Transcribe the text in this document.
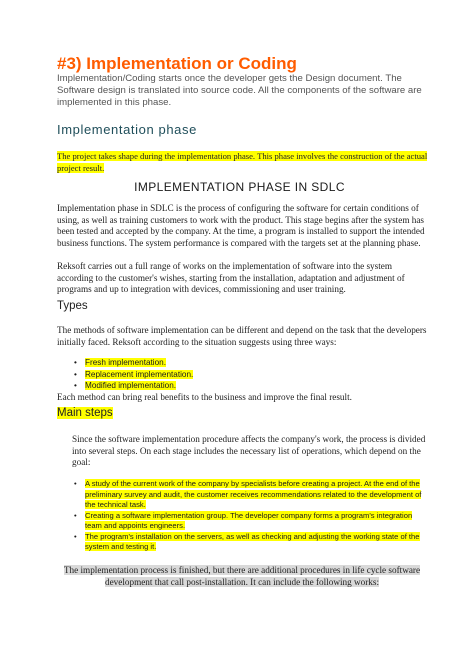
#3) Implementation or Coding
Implementation/Coding starts once the developer gets the Design document. The Software design is translated into source code. All the components of the software are implemented in this phase.
Implementation phase
The project takes shape during the implementation phase. This phase involves the construction of the actual project result.
IMPLEMENTATION PHASE IN SDLC
Implementation phase in SDLC is the process of configuring the software for certain conditions of using, as well as training customers to work with the product. This stage begins after the system has been tested and accepted by the company. At the time, a program is installed to support the intended business functions. The system performance is compared with the targets set at the planning phase.
Reksoft carries out a full range of works on the implementation of software into the system according to the customer's wishes, starting from the installation, adaptation and adjustment of programs and up to integration with devices, commissioning and user training.
Types
The methods of software implementation can be different and depend on the task that the developers initially faced. Reksoft according to the situation suggests using three ways:
• Fresh implementation.
• Replacement implementation.
• Modified implementation.
Each method can bring real benefits to the business and improve the final result.
Main steps
Since the software implementation procedure affects the company's work, the process is divided into several steps. On each stage includes the necessary list of operations, which depend on the goal:
• A study of the current work of the company by specialists before creating a project. At the end of the preliminary survey and audit, the customer receives recommendations related to the development of the technical task.
• Creating a software implementation group. The developer company forms a program's integration team and appoints engineers.
• The program's installation on the servers, as well as checking and adjusting the working state of the system and testing it.
The implementation process is finished, but there are additional procedures in life cycle software development that call post-installation. It can include the following works:
